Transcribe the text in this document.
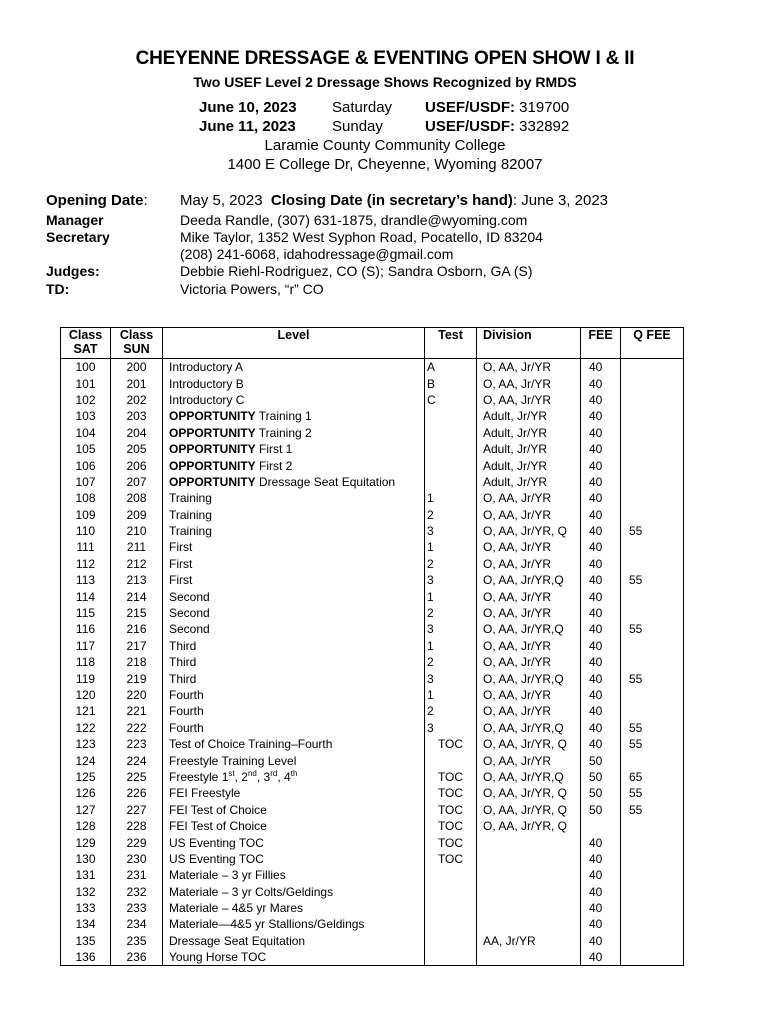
CHEYENNE DRESSAGE & EVENTING OPEN SHOW I & II
Two USEF Level 2 Dressage Shows Recognized by RMDS
June 10, 2023	Saturday	USEF/USDF: 319700
June 11, 2023	Sunday	USEF/USDF: 332892
Laramie County Community College
1400 E College Dr, Cheyenne, Wyoming 82007
Opening Date: May 5, 2023 Closing Date (in secretary’s hand): June 3, 2023
Manager	Deeda Randle, (307) 631-1875, drandle@wyoming.com
Secretary	Mike Taylor, 1352 West Syphon Road, Pocatello, ID 83204
(208) 241-6068, idahodressage@gmail.com
Judges:	Debbie Riehl-Rodriguez, CO (S); Sandra Osborn, GA (S)
TD:	Victoria Powers, “r” CO
Class SAT	Class SUN	Level	Test	Division	FEE	Q FEE
100	200	Introductory A	A	O, AA, Jr/YR	40	
101	201	Introductory B	B	O, AA, Jr/YR	40	
102	202	Introductory C	C	O, AA, Jr/YR	40	
103	203	OPPORTUNITY Training 1		Adult, Jr/YR	40	
104	204	OPPORTUNITY Training 2		Adult, Jr/YR	40	
105	205	OPPORTUNITY First 1		Adult, Jr/YR	40	
106	206	OPPORTUNITY First 2		Adult, Jr/YR	40	
107	207	OPPORTUNITY Dressage Seat Equitation		Adult, Jr/YR	40	
108	208	Training	1	O, AA, Jr/YR	40	
109	209	Training	2	O, AA, Jr/YR	40	
110	210	Training	3	O, AA, Jr/YR, Q	40	55
111	211	First	1	O, AA, Jr/YR	40	
112	212	First	2	O, AA, Jr/YR	40	
113	213	First	3	O, AA, Jr/YR,Q	40	55
114	214	Second	1	O, AA, Jr/YR	40	
115	215	Second	2	O, AA, Jr/YR	40	
116	216	Second	3	O, AA, Jr/YR,Q	40	55
117	217	Third	1	O, AA, Jr/YR	40	
118	218	Third	2	O, AA, Jr/YR	40	
119	219	Third	3	O, AA, Jr/YR,Q	40	55
120	220	Fourth	1	O, AA, Jr/YR	40	
121	221	Fourth	2	O, AA, Jr/YR	40	
122	222	Fourth	3	O, AA, Jr/YR,Q	40	55
123	223	Test of Choice Training–Fourth	TOC	O, AA, Jr/YR, Q	40	55
124	224	Freestyle Training Level		O, AA, Jr/YR	50	
125	225	Freestyle 1st, 2nd, 3rd, 4th	TOC	O, AA, Jr/YR,Q	50	65
126	226	FEI Freestyle	TOC	O, AA, Jr/YR, Q	50	55
127	227	FEI Test of Choice	TOC	O, AA, Jr/YR, Q	50	55
128	228	FEI Test of Choice	TOC	O, AA, Jr/YR, Q		
129	229	US Eventing TOC	TOC		40	
130	230	US Eventing TOC	TOC		40	
131	231	Materiale – 3 yr Fillies			40	
132	232	Materiale – 3 yr Colts/Geldings			40	
133	233	Materiale – 4&5 yr Mares			40	
134	234	Materiale—4&5 yr Stallions/Geldings			40	
135	235	Dressage Seat Equitation		AA, Jr/YR	40	
136	236	Young Horse TOC			40	
